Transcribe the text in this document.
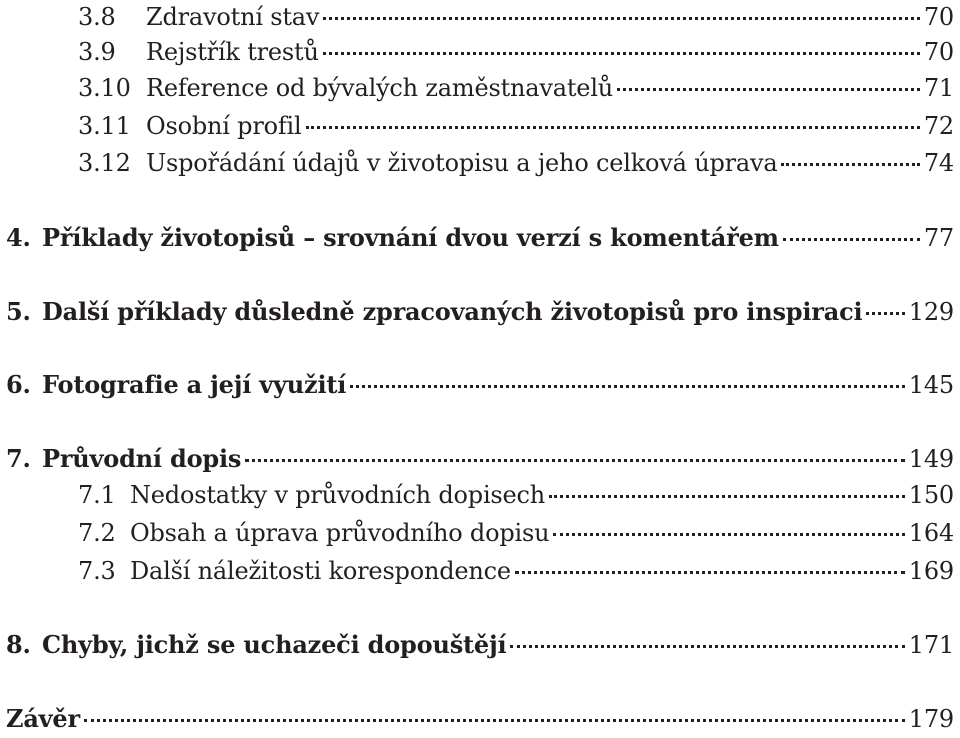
3.8	Zdravotní stav	70
3.9	Rejstřík trestů	70
3.10 Reference od bývalých zaměstnavatelů	71
3.11 Osobní profil	72
3.12 Uspořádání údajů v životopisu a jeho celková úprava	74
4. Příklady životopisů – srovnání dvou verzí s komentářem	77
5. Další příklady důsledně zpracovaných životopisů pro inspiraci 129
6. Fotografie a její využití	145
7. Průvodní dopis	149
7.1 Nedostatky v průvodních dopisech	150
7.2 Obsah a úprava průvodního dopisu	164
7.3 Další náležitosti korespondence	169
8. Chyby, jichž se uchazeči dopouštějí	171
Závěr	179
